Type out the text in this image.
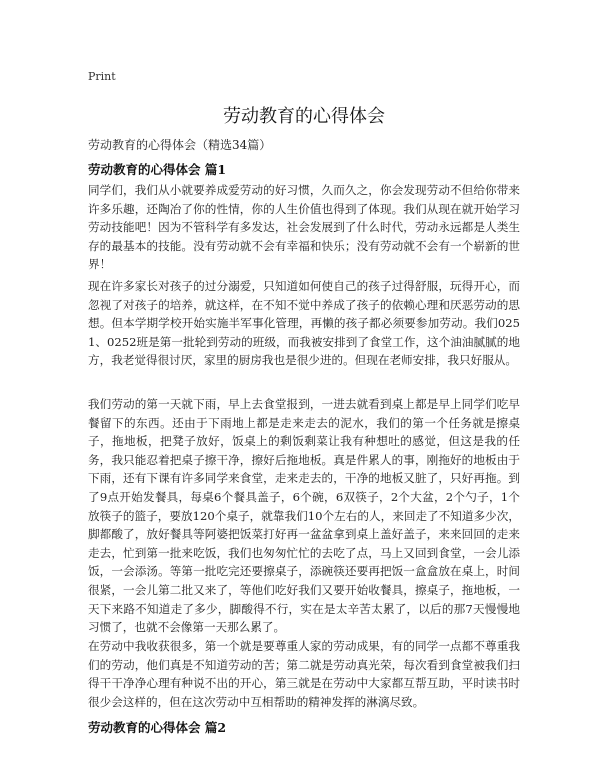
Print
劳动教育的心得体会
劳动教育的心得体会（精选34篇）
劳动教育的心得体会 篇1

同学们，我们从小就要养成爱劳动的好习惯，久而久之，你会发现劳动不但给你带来许多乐趣，还陶冶了你的性情，你的人生价值也得到了体现。我们从现在就开始学习劳动技能吧！因为不管科学有多发达，社会发展到了什么时代，劳动永远都是人类生存的最基本的技能。没有劳动就不会有幸福和快乐；没有劳动就不会有一个崭新的世界！

现在许多家长对孩子的过分溺爱，只知道如何使自己的孩子过得舒服，玩得开心，而忽视了对孩子的培养，就这样，在不知不觉中养成了孩子的依赖心理和厌恶劳动的思想。但本学期学校开始实施半军事化管理，再懒的孩子都必须要参加劳动。我们0251、0252班是第一批轮到劳动的班级，而我被安排到了食堂工作，这个油油腻腻的地方，我老觉得很讨厌，家里的厨房我也是很少进的。但现在老师安排，我只好服从。

我们劳动的第一天就下雨，早上去食堂报到，一进去就看到桌上都是早上同学们吃早餐留下的东西。还由于下雨地上都是走来走去的泥水，我们的第一个任务就是擦桌子，拖地板，把凳子放好，饭桌上的剩饭剩菜让我有种想吐的感觉，但这是我的任务，我只能忍着把桌子擦干净，擦好后拖地板。真是件累人的事，刚拖好的地板由于下雨，还有下课有许多同学来食堂，走来走去的，干净的地板又脏了，只好再拖。到了9点开始发餐具，每桌6个餐具盖子，6个碗，6双筷子，2个大盆，2个勺子，1个放筷子的篮子，要放120个桌子，就靠我们10个左右的人，来回走了不知道多少次，脚都酸了，放好餐具等阿婆把饭菜打好再一盆盆拿到桌上盖好盖子，来来回回的走来走去，忙到第一批来吃饭，我们也匆匆忙忙的去吃了点，马上又回到食堂，一会儿添饭，一会添汤。等第一批吃完还要擦桌子，添碗筷还要再把饭一盒盒放在桌上，时间很紧，一会儿第二批又来了，等他们吃好我们又要开始收餐具，擦桌子，拖地板，一天下来路不知道走了多少，脚酸得不行，实在是太辛苦太累了，以后的那7天慢慢地习惯了，也就不会像第一天那么累了。

在劳动中我收获很多，第一个就是要尊重人家的劳动成果，有的同学一点都不尊重我们的劳动，他们真是不知道劳动的苦；第二就是劳动真光荣，每次看到食堂被我们扫得干干净净心理有种说不出的开心，第三就是在劳动中大家都互帮互助，平时读书时很少会这样的，但在这次劳动中互相帮助的精神发挥的淋漓尽致。

劳动教育的心得体会 篇2
